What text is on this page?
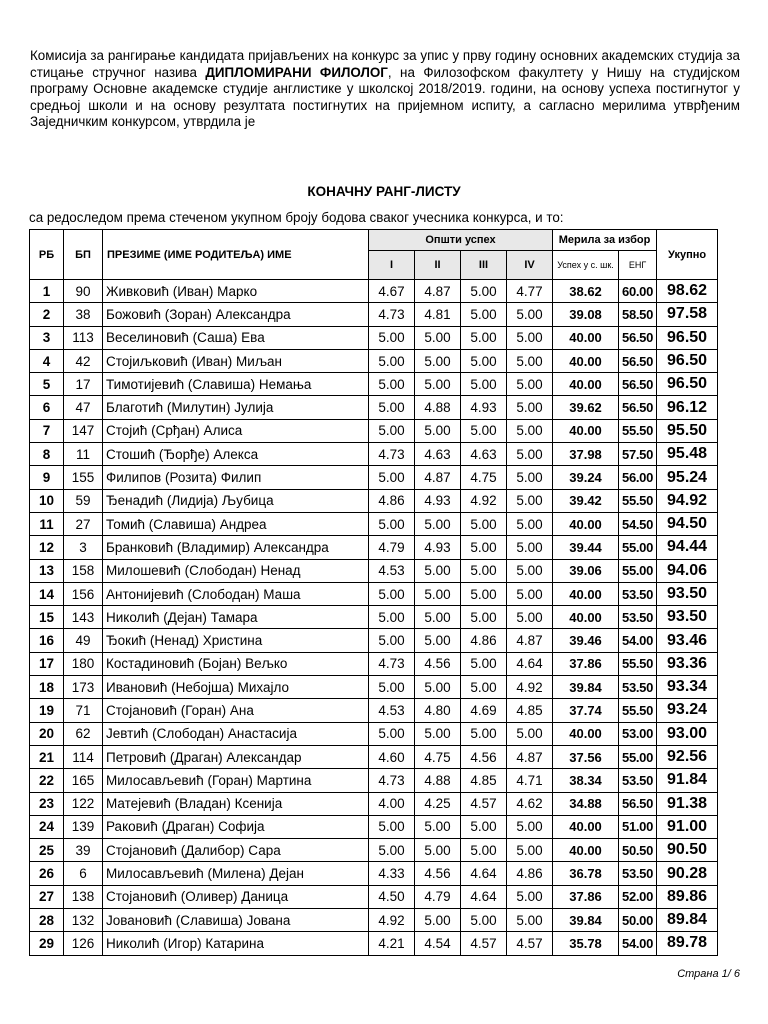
Комисија за рангирање кандидата пријављених на конкурс за упис у прву годину основних академских студија за стицање стручног назива ДИПЛОМИРАНИ ФИЛОЛОГ, на Филозофском факултету у Нишу на студијском програму Основне академске студије англистике у школској 2018/2019. години, на основу успеха постигнутог у средњој школи и на основу резултата постигнутих на пријемном испиту, а сагласно мерилима утврђеним Заједничким конкурсом, утврдила је
КОНАЧНУ РАНГ-ЛИСТУ
са редоследом према стеченом укупном броју бодова сваког учесника конкурса, и то:
РБ	БП	ПРЕЗИМЕ (ИМЕ РОДИТЕЉА) ИМЕ	Општи успех				Мерила за избор		Укупно
			I	II	III	IV	Успех у с. шк.	ЕНГ	
1	90	Живковић (Иван) Марко	4.67	4.87	5.00	4.77	38.62	60.00	98.62
2	38	Божовић (Зоран) Александра	4.73	4.81	5.00	5.00	39.08	58.50	97.58
3	113	Веселиновић (Саша) Ева	5.00	5.00	5.00	5.00	40.00	56.50	96.50
4	42	Стојиљковић (Иван) Миљан	5.00	5.00	5.00	5.00	40.00	56.50	96.50
5	17	Тимотијевић (Славиша) Немања	5.00	5.00	5.00	5.00	40.00	56.50	96.50
6	47	Благотић (Милутин) Јулија	5.00	4.88	4.93	5.00	39.62	56.50	96.12
7	147	Стојић (Срђан) Алиса	5.00	5.00	5.00	5.00	40.00	55.50	95.50
8	11	Стошић (Ђорђе) Алекса	4.73	4.63	4.63	5.00	37.98	57.50	95.48
9	155	Филипов (Розита) Филип	5.00	4.87	4.75	5.00	39.24	56.00	95.24
10	59	Ђенадић (Лидија) Љубица	4.86	4.93	4.92	5.00	39.42	55.50	94.92
11	27	Томић (Славиша) Андреа	5.00	5.00	5.00	5.00	40.00	54.50	94.50
12	3	Бранковић (Владимир) Александра	4.79	4.93	5.00	5.00	39.44	55.00	94.44
13	158	Милошевић (Слободан) Ненад	4.53	5.00	5.00	5.00	39.06	55.00	94.06
14	156	Антонијевић (Слободан) Маша	5.00	5.00	5.00	5.00	40.00	53.50	93.50
15	143	Николић (Дејан) Тамара	5.00	5.00	5.00	5.00	40.00	53.50	93.50
16	49	Ђокић (Ненад) Христина	5.00	5.00	4.86	4.87	39.46	54.00	93.46
17	180	Костадиновић (Бојан) Вељко	4.73	4.56	5.00	4.64	37.86	55.50	93.36
18	173	Ивановић (Небојша) Михајло	5.00	5.00	5.00	4.92	39.84	53.50	93.34
19	71	Стојановић (Горан) Ана	4.53	4.80	4.69	4.85	37.74	55.50	93.24
20	62	Јевтић (Слободан) Анастасија	5.00	5.00	5.00	5.00	40.00	53.00	93.00
21	114	Петровић (Драган) Александар	4.60	4.75	4.56	4.87	37.56	55.00	92.56
22	165	Милосављевић (Горан) Мартина	4.73	4.88	4.85	4.71	38.34	53.50	91.84
23	122	Матејевић (Владан) Ксенија	4.00	4.25	4.57	4.62	34.88	56.50	91.38
24	139	Раковић (Драган) Софија	5.00	5.00	5.00	5.00	40.00	51.00	91.00
25	39	Стојановић (Далибор) Сара	5.00	5.00	5.00	5.00	40.00	50.50	90.50
26	6	Милосављевић (Милена) Дејан	4.33	4.56	4.64	4.86	36.78	53.50	90.28
27	138	Стојановић (Оливер) Даница	4.50	4.79	4.64	5.00	37.86	52.00	89.86
28	132	Јовановић (Славиша) Јована	4.92	5.00	5.00	5.00	39.84	50.00	89.84
29	126	Николић (Игор) Катарина	4.21	4.54	4.57	4.57	35.78	54.00	89.78
Страна 1/ 6
